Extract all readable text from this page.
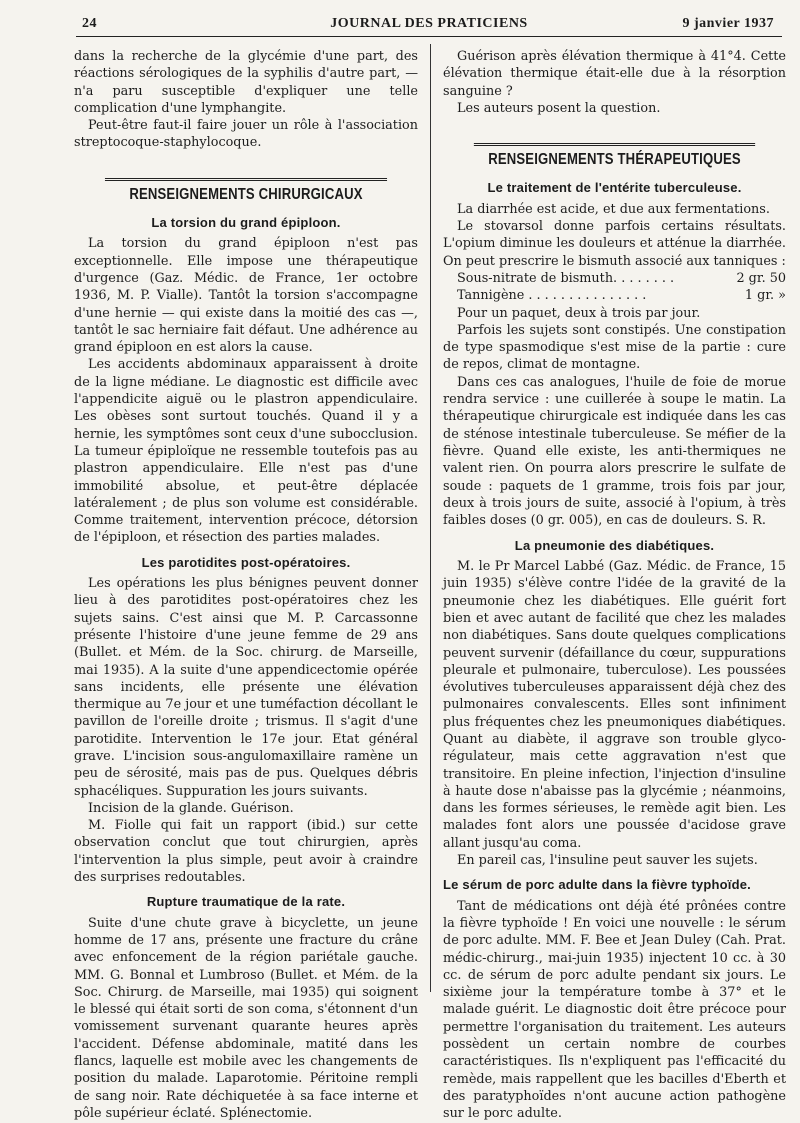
24	JOURNAL DES PRATICIENS	9 janvier 1937

dans la recherche de la glycémie d'une part, des réactions sérologiques de la syphilis d'autre part, — n'a paru susceptible d'expliquer une telle complication d'une lymphangite.

Peut-être faut-il faire jouer un rôle à l'association streptocoque-staphylocoque.

RENSEIGNEMENTS CHIRURGICAUX
La torsion du grand épiploon.

La torsion du grand épiploon n'est pas exceptionnelle. Elle impose une thérapeutique d'urgence (Gaz. Médic. de France, 1er octobre 1936, M. P. Vialle). Tantôt la torsion s'accompagne d'une hernie — qui existe dans la moitié des cas —, tantôt le sac herniaire fait défaut. Une adhérence au grand épiploon en est alors la cause.

Les accidents abdominaux apparaissent à droite de la ligne médiane. Le diagnostic est difficile avec l'appendicite aiguë ou le plastron appendiculaire. Les obèses sont surtout touchés. Quand il y a hernie, les symptômes sont ceux d'une subocclusion. La tumeur épiploïque ne ressemble toutefois pas au plastron appendiculaire. Elle n'est pas d'une immobilité absolue, et peut-être déplacée latéralement ; de plus son volume est considérable. Comme traitement, intervention précoce, détorsion de l'épiploon, et résection des parties malades.

Les parotidites post-opératoires.

Les opérations les plus bénignes peuvent donner lieu à des parotidites post-opératoires chez les sujets sains. C'est ainsi que M. P. Carcassonne présente l'histoire d'une jeune femme de 29 ans (Bullet. et Mém. de la Soc. chirurg. de Marseille, mai 1935). A la suite d'une appendicectomie opérée sans incidents, elle présente une élévation thermique au 7e jour et une tuméfaction décollant le pavillon de l'oreille droite ; trismus. Il s'agit d'une parotidite. Intervention le 17e jour. Etat général grave. L'incision sous-angulomaxillaire ramène un peu de sérosité, mais pas de pus. Quelques débris sphacéliques. Suppuration les jours suivants.

Incision de la glande. Guérison.

M. Fiolle qui fait un rapport (ibid.) sur cette observation conclut que tout chirurgien, après l'intervention la plus simple, peut avoir à craindre des surprises redoutables.

Rupture traumatique de la rate.

Suite d'une chute grave à bicyclette, un jeune homme de 17 ans, présente une fracture du crâne avec enfoncement de la région pariétale gauche. MM. G. Bonnal et Lumbroso (Bullet. et Mém. de la Soc. Chirurg. de Marseille, mai 1935) qui soignent le blessé qui était sorti de son coma, s'étonnent d'un vomissement survenant quarante heures après l'accident. Défense abdominale, matité dans les flancs, laquelle est mobile avec les changements de position du malade. Laparotomie. Péritoine rempli de sang noir. Rate déchiquetée à sa face interne et pôle supérieur éclaté. Splénectomie.

Guérison après élévation thermique à 41°4. Cette élévation thermique était-elle due à la résorption sanguine ?

Les auteurs posent la question.

RENSEIGNEMENTS THÉRAPEUTIQUES
Le traitement de l'entérite tuberculeuse.

La diarrhée est acide, et due aux fermentations.

Le stovarsol donne parfois certains résultats. L'opium diminue les douleurs et atténue la diarrhée. On peut prescrire le bismuth associé aux tanniques :

Sous-nitrate de bismuth. . . . . . . .	2 gr. 50
Tannigène . . . . . . . . . . . . . . .	1 gr. »

Pour un paquet, deux à trois par jour.

Parfois les sujets sont constipés. Une constipation de type spasmodique s'est mise de la partie : cure de repos, climat de montagne.

Dans ces cas analogues, l'huile de foie de morue rendra service : une cuillerée à soupe le matin. La thérapeutique chirurgicale est indiquée dans les cas de sténose intestinale tuberculeuse. Se méfier de la fièvre. Quand elle existe, les anti-thermiques ne valent rien. On pourra alors prescrire le sulfate de soude : paquets de 1 gramme, trois fois par jour, deux à trois jours de suite, associé à l'opium, à très faibles doses (0 gr. 005), en cas de douleurs. S. R.
La pneumonie des diabétiques.

M. le Pr Marcel Labbé (Gaz. Médic. de France, 15 juin 1935) s'élève contre l'idée de la gravité de la pneumonie chez les diabétiques. Elle guérit fort bien et avec autant de facilité que chez les malades non diabétiques. Sans doute quelques complications peuvent survenir (défaillance du cœur, suppurations pleurale et pulmonaire, tuberculose). Les poussées évolutives tuberculeuses apparaissent déjà chez des pulmonaires convalescents. Elles sont infiniment plus fréquentes chez les pneumoniques diabétiques. Quant au diabète, il aggrave son trouble glyco-régulateur, mais cette aggravation n'est que transitoire. En pleine infection, l'injection d'insuline à haute dose n'abaisse pas la glycémie ; néanmoins, dans les formes sérieuses, le remède agit bien. Les malades font alors une poussée d'acidose grave allant jusqu'au coma.

En pareil cas, l'insuline peut sauver les sujets.

Le sérum de porc adulte dans la fièvre typhoïde.

Tant de médications ont déjà été prônées contre la fièvre typhoïde ! En voici une nouvelle : le sérum de porc adulte. MM. F. Bee et Jean Duley (Cah. Prat. médic-chirurg., mai-juin 1935) injectent 10 cc. à 30 cc. de sérum de porc adulte pendant six jours. Le sixième jour la température tombe à 37° et le malade guérit. Le diagnostic doit être précoce pour permettre l'organisation du traitement. Les auteurs possèdent un certain nombre de courbes caractéristiques. Ils n'expliquent pas l'efficacité du remède, mais rappellent que les bacilles d'Eberth et des paratyphoïdes n'ont aucune action pathogène sur le porc adulte.
